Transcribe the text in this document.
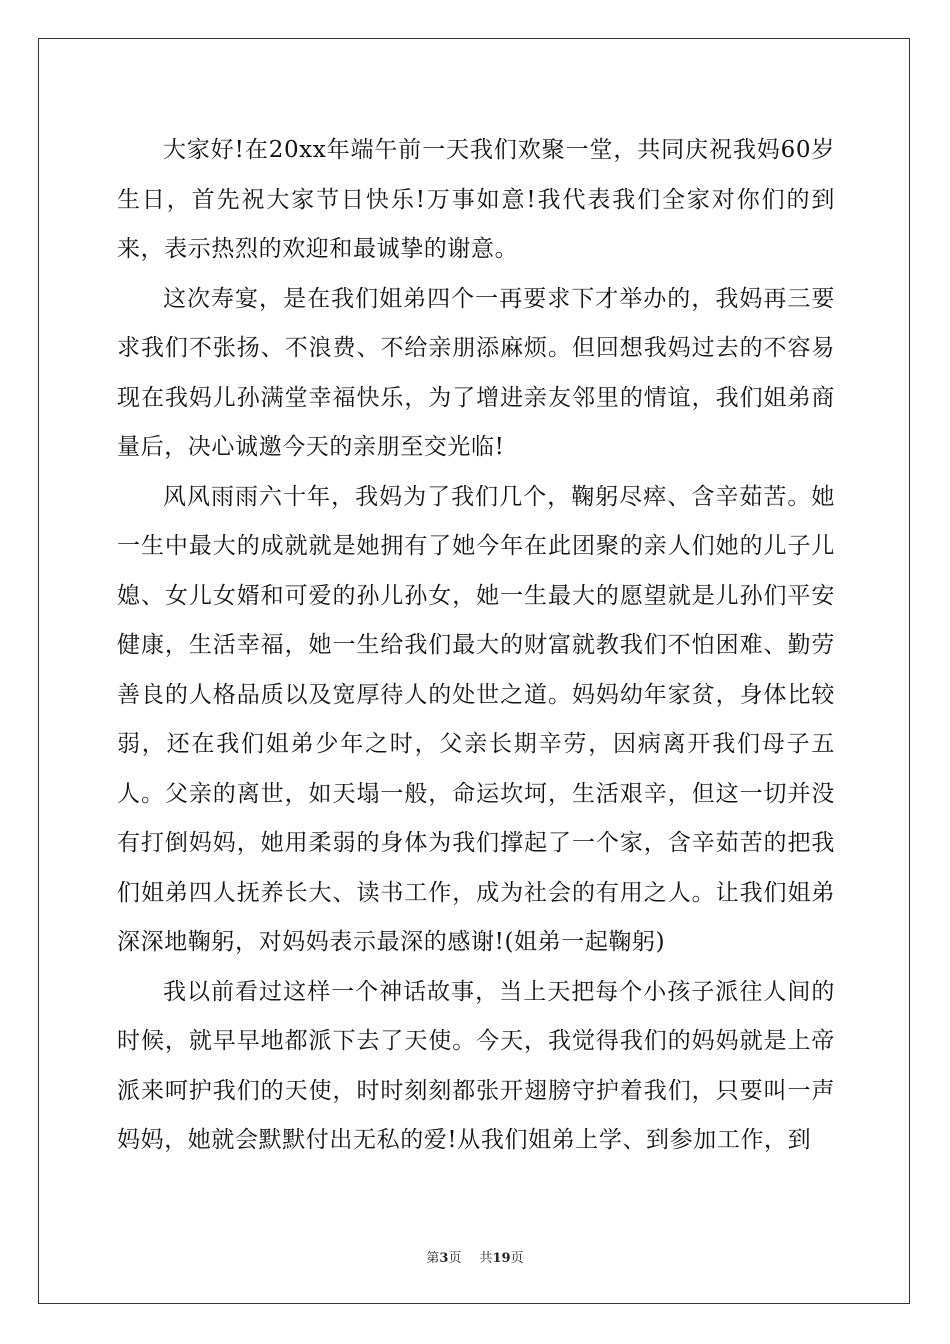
大家好!在20xx年端午前一天我们欢聚一堂，共同庆祝我妈60岁生日，首先祝大家节日快乐!万事如意!我代表我们全家对你们的到来，表示热烈的欢迎和最诚挚的谢意。

这次寿宴，是在我们姐弟四个一再要求下才举办的，我妈再三要求我们不张扬、不浪费、不给亲朋添麻烦。但回想我妈过去的不容易现在我妈儿孙满堂幸福快乐，为了增进亲友邻里的情谊，我们姐弟商量后，决心诚邀今天的亲朋至交光临!

风风雨雨六十年，我妈为了我们几个，鞠躬尽瘁、含辛茹苦。她一生中最大的成就就是她拥有了她今年在此团聚的亲人们她的儿子儿媳、女儿女婿和可爱的孙儿孙女，她一生最大的愿望就是儿孙们平安健康，生活幸福，她一生给我们最大的财富就教我们不怕困难、勤劳善良的人格品质以及宽厚待人的处世之道。妈妈幼年家贫，身体比较弱，还在我们姐弟少年之时，父亲长期辛劳，因病离开我们母子五人。父亲的离世，如天塌一般，命运坎坷，生活艰辛，但这一切并没有打倒妈妈，她用柔弱的身体为我们撑起了一个家，含辛茹苦的把我们姐弟四人抚养长大、读书工作，成为社会的有用之人。让我们姐弟深深地鞠躬，对妈妈表示最深的感谢!(姐弟一起鞠躬)

我以前看过这样一个神话故事，当上天把每个小孩子派往人间的时候，就早早地都派下去了天使。今天，我觉得我们的妈妈就是上帝派来呵护我们的天使，时时刻刻都张开翅膀守护着我们，只要叫一声妈妈，她就会默默付出无私的爱!从我们姐弟上学、到参加工作，到

第3页 共19页
